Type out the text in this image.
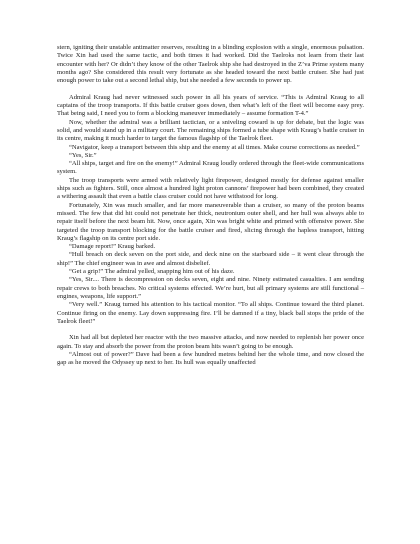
stern, igniting their unstable antimatter reserves, resulting in a blinding explosion with a single, enormous pulsation. Twice Xin had used the same tactic, and both times it had worked. Did the Taelroks not learn from their last encounter with her? Or didn’t they know of the other Taelrok ship she had destroyed in the Z’va Prime system many months ago? She considered this result very fortunate as she headed toward the next battle cruiser. She had just enough power to take out a second lethal ship, but she needed a few seconds to power up.

Admiral Kraug had never witnessed such power in all his years of service. “This is Admiral Kraug to all captains of the troop transports. If this battle cruiser goes down, then what’s left of the fleet will become easy prey. That being said, I need you to form a blocking maneuver immediately – assume formation T-4.”

Now, whether the admiral was a brilliant tactician, or a sniveling coward is up for debate, but the logic was solid, and would stand up in a military court. The remaining ships formed a tube shape with Kraug’s battle cruiser in its centre, making it much harder to target the famous flagship of the Taelrok fleet.

“Navigator, keep a transport between this ship and the enemy at all times. Make course corrections as needed.”

“Yes, Sir.”

“All ships, target and fire on the enemy!” Admiral Kraug loudly ordered through the fleet-wide communications system.

The troop transports were armed with relatively light firepower, designed mostly for defense against smaller ships such as fighters. Still, once almost a hundred light proton cannons’ firepower had been combined, they created a withering assault that even a battle class cruiser could not have withstood for long.

Fortunately, Xin was much smaller, and far more maneuverable than a cruiser, so many of the proton beams missed. The few that did hit could not penetrate her thick, neutronium outer shell, and her hull was always able to repair itself before the next beam hit. Now, once again, Xin was bright white and primed with offensive power. She targeted the troop transport blocking for the battle cruiser and fired, slicing through the hapless transport, hitting Kraug’s flagship on its centre port side.

“Damage report!” Kraug barked.

“Hull breach on deck seven on the port side, and deck nine on the starboard side – it went clear through the ship!” The chief engineer was in awe and almost disbelief.

“Get a grip!” The admiral yelled, snapping him out of his daze.

“Yes, Sir.... There is decompression on decks seven, eight and nine. Ninety estimated casualties. I am sending repair crews to both breaches. No critical systems effected. We’re hurt, but all primary systems are still functional – engines, weapons, life support.”

“Very well.” Kraug turned his attention to his tactical monitor. “To all ships. Continue toward the third planet. Continue firing on the enemy. Lay down suppressing fire. I’ll be damned if a tiny, black ball stops the pride of the Taelrok fleet!”

Xin had all but depleted her reactor with the two massive attacks, and now needed to replenish her power once again. To stay and absorb the power from the proton beam hits wasn’t going to be enough.

“Almost out of power?” Dave had been a few hundred metres behind her the whole time, and now closed the gap as he moved the Odyssey up next to her. Its hull was equally unaffected
